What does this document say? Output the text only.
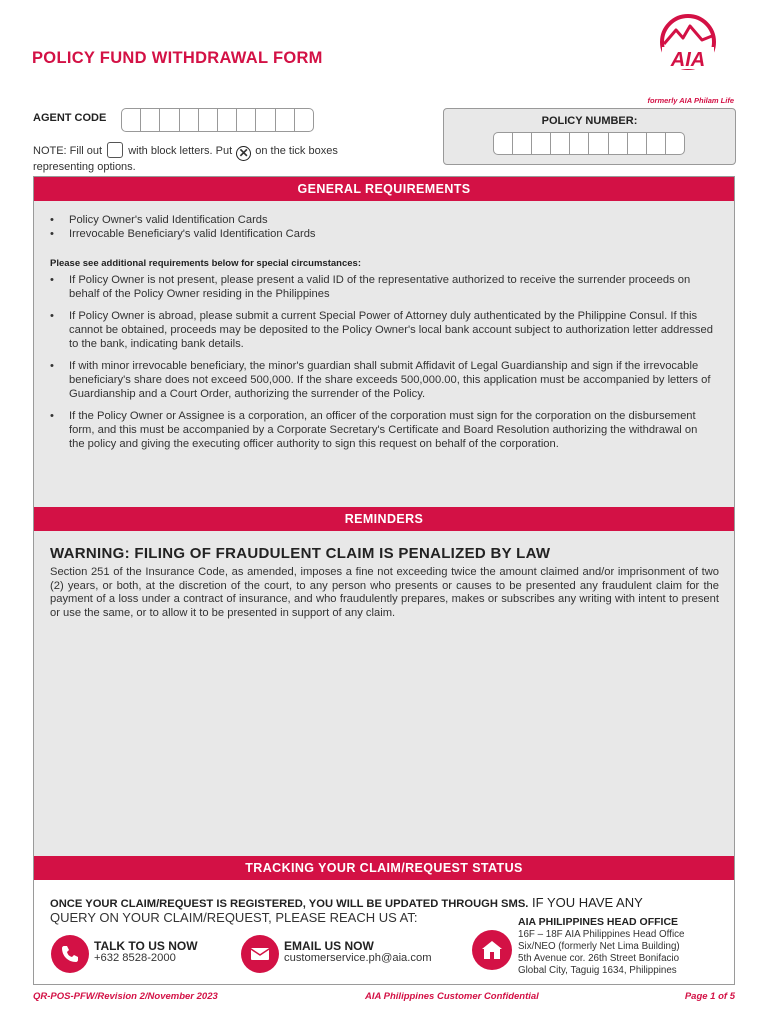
POLICY FUND WITHDRAWAL FORM	AIA
formerly AIA Philam Life
AGENT CODE
NOTE: Fill out with block letters. Put ✕ on the tick boxes representing options.
POLICY NUMBER:
GENERAL REQUIREMENTS
• Policy Owner's valid Identification Cards
• Irrevocable Beneficiary's valid Identification Cards
Please see additional requirements below for special circumstances:
• If Policy Owner is not present, please present a valid ID of the representative authorized to receive the surrender proceeds on behalf of the Policy Owner residing in the Philippines
• If Policy Owner is abroad, please submit a current Special Power of Attorney duly authenticated by the Philippine Consul. If this cannot be obtained, proceeds may be deposited to the Policy Owner's local bank account subject to authorization letter addressed to the bank, indicating bank details.
• If with minor irrevocable beneficiary, the minor's guardian shall submit Affidavit of Legal Guardianship and sign if the irrevocable beneficiary's share does not exceed 500,000. If the share exceeds 500,000.00, this application must be accompanied by letters of Guardianship and a Court Order, authorizing the surrender of the Policy.
• If the Policy Owner or Assignee is a corporation, an officer of the corporation must sign for the corporation on the disbursement form, and this must be accompanied by a Corporate Secretary's Certificate and Board Resolution authorizing the withdrawal on the policy and giving the executing officer authority to sign this request on behalf of the corporation.
REMINDERS
WARNING: FILING OF FRAUDULENT CLAIM IS PENALIZED BY LAW
Section 251 of the Insurance Code, as amended, imposes a fine not exceeding twice the amount claimed and/or imprisonment of two (2) years, or both, at the discretion of the court, to any person who presents or causes to be presented any fraudulent claim for the payment of a loss under a contract of insurance, and who fraudulently prepares, makes or subscribes any writing with intent to present or use the same, or to allow it to be presented in support of any claim.
TRACKING YOUR CLAIM/REQUEST STATUS
ONCE YOUR CLAIM/REQUEST IS REGISTERED, YOU WILL BE UPDATED THROUGH SMS. IF YOU HAVE ANY
QUERY ON YOUR CLAIM/REQUEST, PLEASE REACH US AT:
TALK TO US NOW
+632 8528-2000
EMAIL US NOW
customerservice.ph@aia.com
AIA PHILIPPINES HEAD OFFICE
16F – 18F AIA Philippines Head Office
Six/NEO (formerly Net Lima Building)
5th Avenue cor. 26th Street Bonifacio
Global City, Taguig 1634, Philippines
QR-POS-PFW/Revision 2/November 2023	AIA Philippines Customer Confidential	Page 1 of 5
